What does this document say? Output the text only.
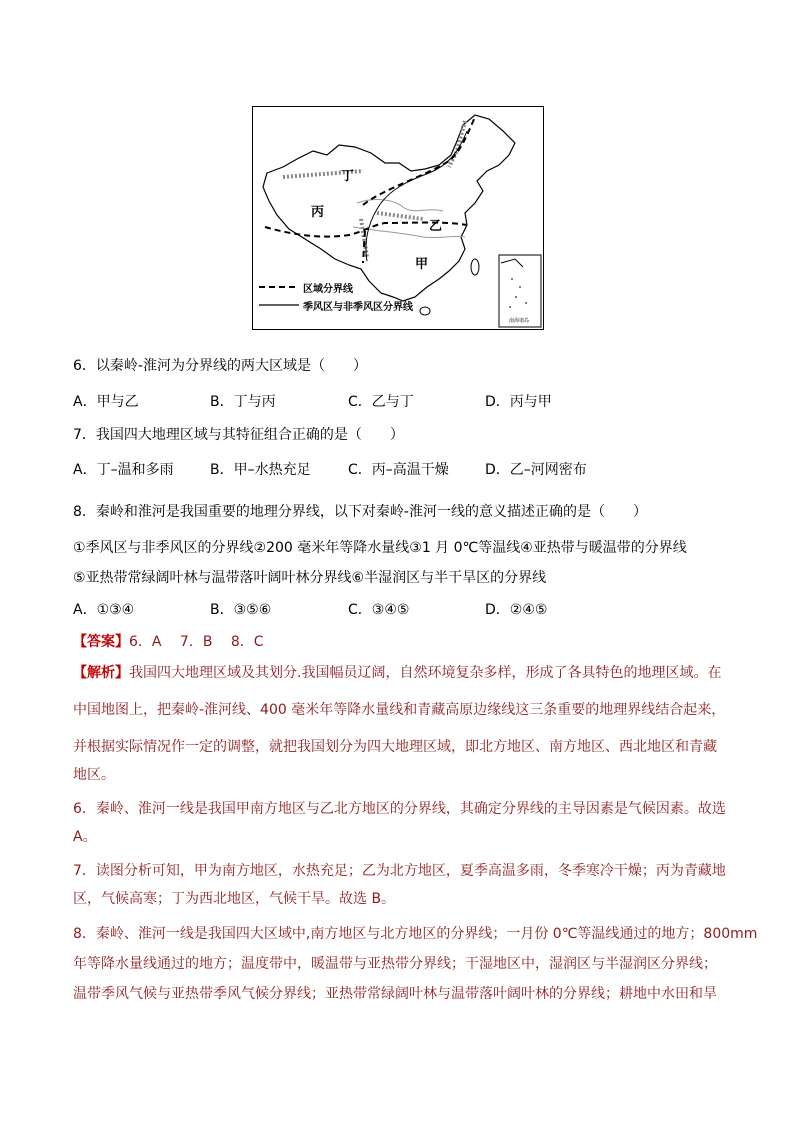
丁
丙
乙
甲
区域分界线
季风区与非季风区分界线
南海诸岛
6．以秦岭-淮河为分界线的两大区域是（　　）
A．甲与乙	B．丁与丙	C．乙与丁	D．丙与甲
7．我国四大地理区域与其特征组合正确的是（　　）
A．丁–温和多雨	B．甲–水热充足	C．丙–高温干燥	D．乙–河网密布
8．秦岭和淮河是我国重要的地理分界线，以下对秦岭-淮河一线的意义描述正确的是（　　）
①季风区与非季风区的分界线②200 毫米年等降水量线③1 月 0℃等温线④亚热带与暖温带的分界线
⑤亚热带常绿阔叶林与温带落叶阔叶林分界线⑥半湿润区与半干旱区的分界线
A．①③④	B．③⑤⑥	C．③④⑤	D．②④⑤
【答案】6．A　 7．B　 8．C
【解析】我国四大地理区域及其划分.我国幅员辽阔，自然环境复杂多样，形成了各具特色的地理区域。在
中国地图上，把秦岭-淮河线、400 毫米年等降水量线和青藏高原边缘线这三条重要的地理界线结合起来，
并根据实际情况作一定的调整，就把我国划分为四大地理区域，即北方地区、南方地区、西北地区和青藏
地区。
6．秦岭、淮河一线是我国甲南方地区与乙北方地区的分界线，其确定分界线的主导因素是气候因素。故选
A。
7．读图分析可知，甲为南方地区，水热充足；乙为北方地区，夏季高温多雨，冬季寒冷干燥；丙为青藏地
区，气候高寒；丁为西北地区，气候干旱。故选 B。
8．秦岭、淮河一线是我国四大区域中,南方地区与北方地区的分界线；一月份 0℃等温线通过的地方；800mm
年等降水量线通过的地方；温度带中，暖温带与亚热带分界线；干湿地区中，湿润区与半湿润区分界线；
温带季风气候与亚热带季风气候分界线；亚热带常绿阔叶林与温带落叶阔叶林的分界线；耕地中水田和旱
